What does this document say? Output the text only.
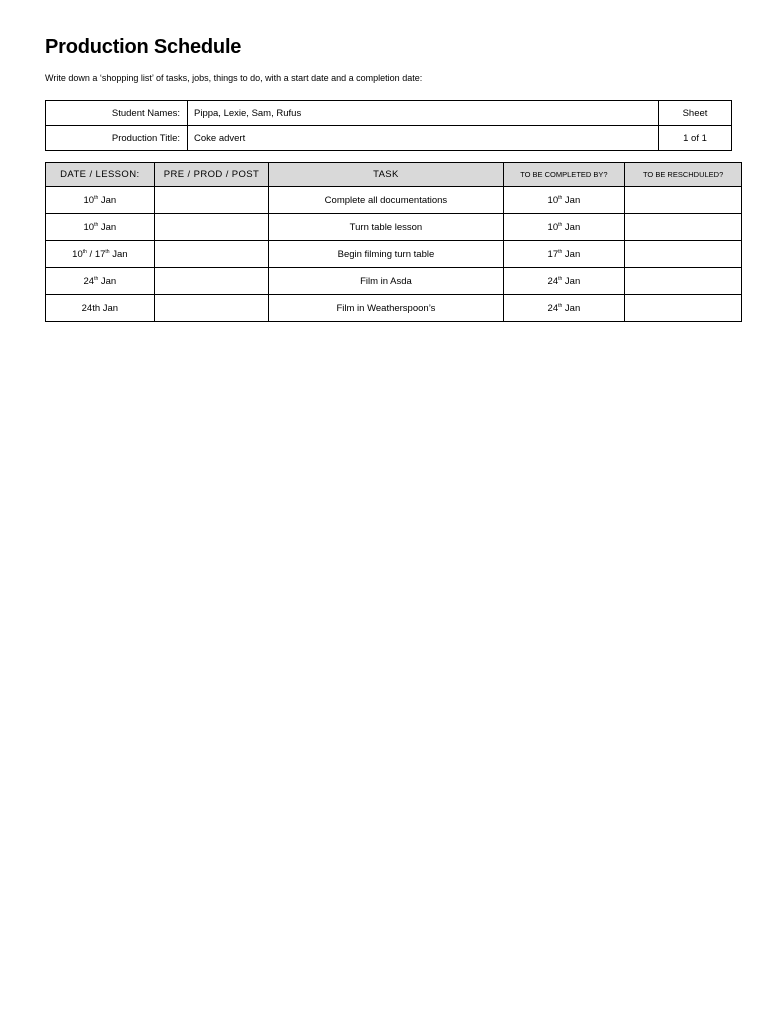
Production Schedule
Write down a ‘shopping list’ of tasks, jobs, things to do, with a start date and a completion date:
Student Names:	Pippa, Lexie, Sam, Rufus	Sheet
Production Title:	Coke advert	1 of 1
DATE / LESSON:	PRE / PROD / POST	TASK	TO BE COMPLETED BY?	TO BE RESCHDULED?
10th Jan		Complete all documentations	10th Jan	
10th Jan		Turn table lesson	10th Jan	
10th / 17th Jan		Begin filming turn table	17th Jan	
24th Jan		Film in Asda	24th Jan	
24th Jan		Film in Weatherspoon’s	24th Jan	
